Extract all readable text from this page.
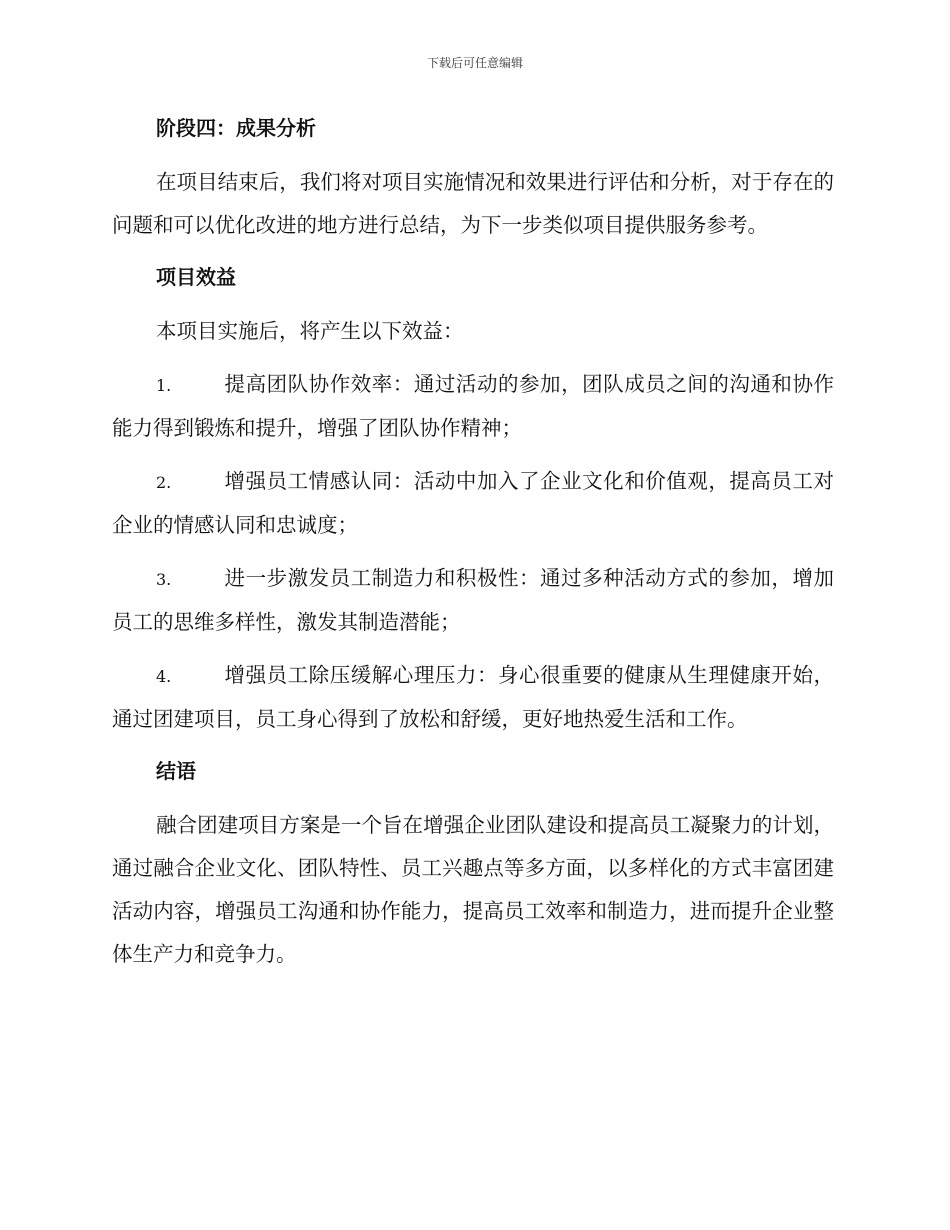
下载后可任意编辑
阶段四：成果分析

在项目结束后，我们将对项目实施情况和效果进行评估和分析，对于存在的问题和可以优化改进的地方进行总结，为下一步类似项目提供服务参考。

项目效益

本项目实施后，将产生以下效益：

1.	提高团队协作效率：通过活动的参加，团队成员之间的沟通和协作能力得到锻炼和提升，增强了团队协作精神；

2.	增强员工情感认同：活动中加入了企业文化和价值观，提高员工对企业的情感认同和忠诚度；

3.	进一步激发员工制造力和积极性：通过多种活动方式的参加，增加员工的思维多样性，激发其制造潜能；

4.	增强员工除压缓解心理压力：身心很重要的健康从生理健康开始，通过团建项目，员工身心得到了放松和舒缓，更好地热爱生活和工作。

结语

融合团建项目方案是一个旨在增强企业团队建设和提高员工凝聚力的计划，通过融合企业文化、团队特性、员工兴趣点等多方面，以多样化的方式丰富团建活动内容，增强员工沟通和协作能力，提高员工效率和制造力，进而提升企业整体生产力和竞争力。
